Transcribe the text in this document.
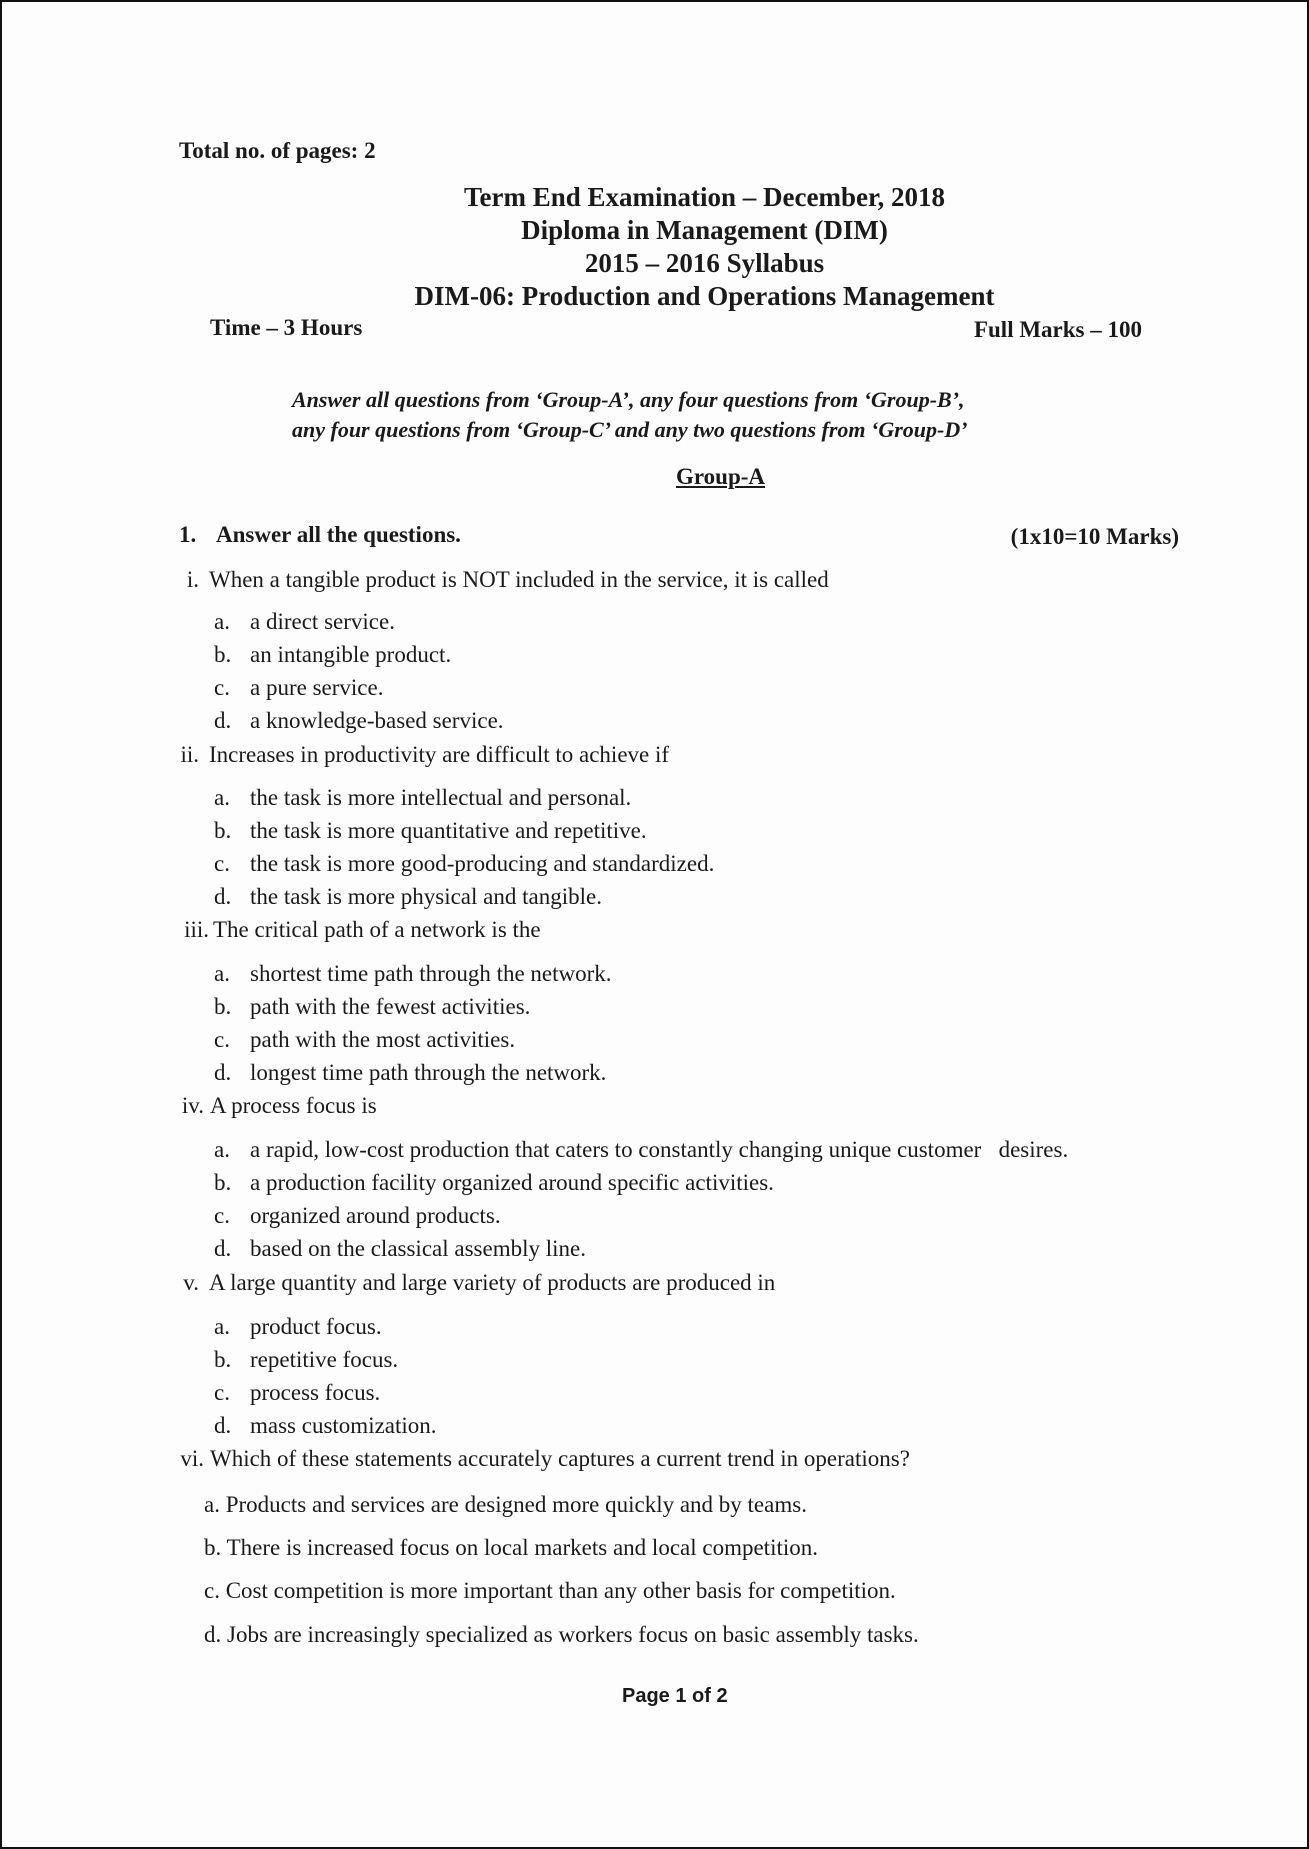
Total no. of pages: 2
Term End Examination – December, 2018
Diploma in Management (DIM)
2015 – 2016 Syllabus
DIM-06: Production and Operations Management
Time – 3 Hours	Full Marks – 100
Answer all questions from ‘Group-A’, any four questions from ‘Group-B’,
any four questions from ‘Group-C’ and any two questions from ‘Group-D’
Group-A
1. Answer all the questions.	(1x10=10 Marks)
i. When a tangible product is NOT included in the service, it is called
a. a direct service.
b. an intangible product.
c. a pure service.
d. a knowledge-based service.
ii. Increases in productivity are difficult to achieve if
a. the task is more intellectual and personal.
b. the task is more quantitative and repetitive.
c. the task is more good-producing and standardized.
d. the task is more physical and tangible.
iii. The critical path of a network is the
a. shortest time path through the network.
b. path with the fewest activities.
c. path with the most activities.
d. longest time path through the network.
iv. A process focus is
a. a rapid, low-cost production that caters to constantly changing unique customer   desires.
b. a production facility organized around specific activities.
c. organized around products.
d. based on the classical assembly line.
v. A large quantity and large variety of products are produced in
a. product focus.
b. repetitive focus.
c. process focus.
d. mass customization.
vi. Which of these statements accurately captures a current trend in operations?
a. Products and services are designed more quickly and by teams.
b. There is increased focus on local markets and local competition.
c. Cost competition is more important than any other basis for competition.
d. Jobs are increasingly specialized as workers focus on basic assembly tasks.
Page 1 of 2
